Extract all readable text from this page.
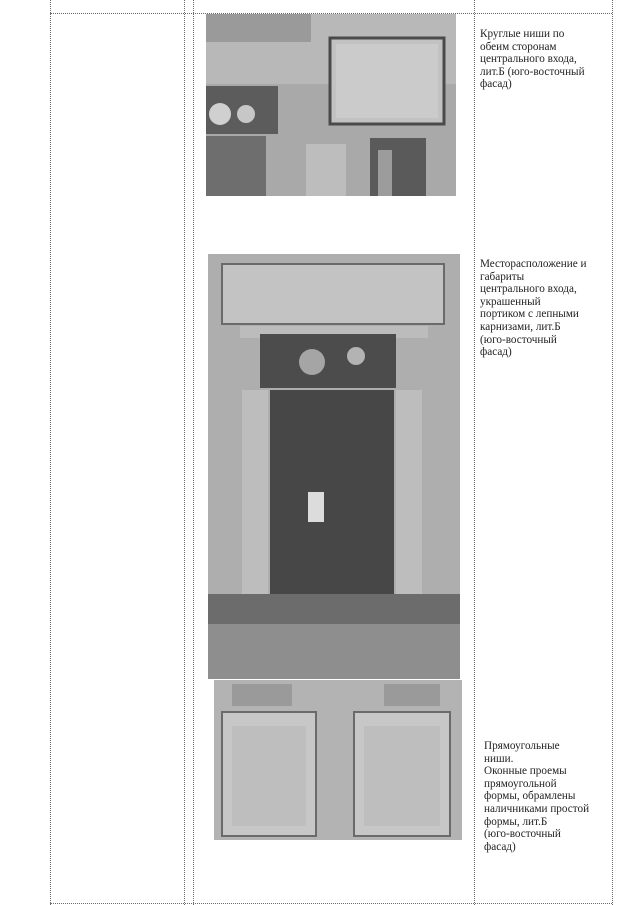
Круглые ниши по
обеим сторонам
центрального входа,
лит.Б (юго-восточный
фасад)
Месторасположение и
габариты
центрального входа,
украшенный
портиком с лепными
карнизами, лит.Б
(юго-восточный
фасад)
Прямоугольные
ниши.
Оконные проемы
прямоугольной
формы, обрамлены
наличниками простой
формы, лит.Б
(юго-восточный
фасад)
